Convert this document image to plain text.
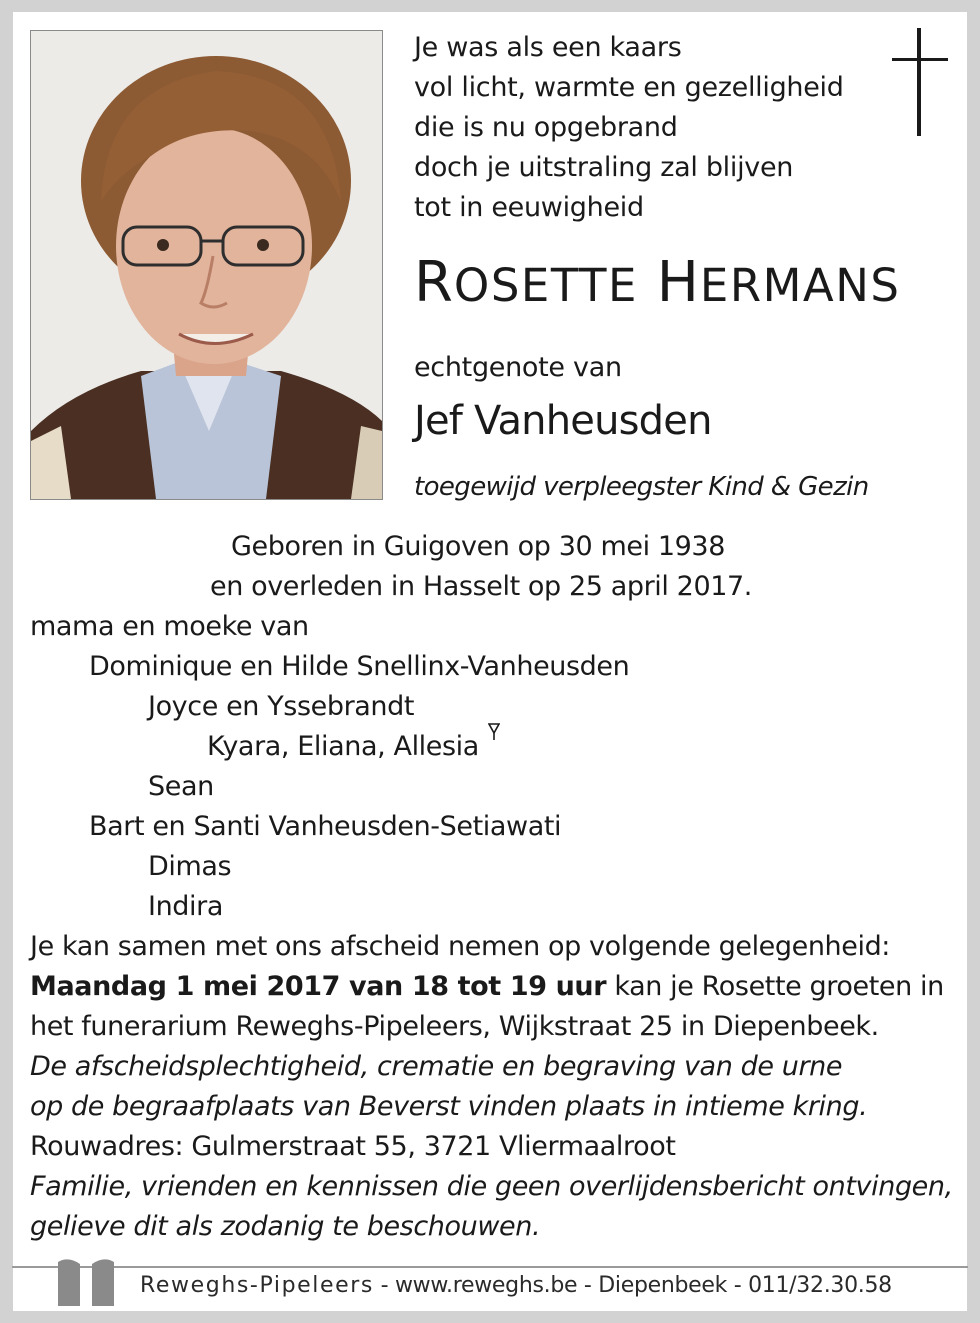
Je was als een kaars
vol licht, warmte en gezelligheid
die is nu opgebrand
doch je uitstraling zal blijven
tot in eeuwigheid
ROSETTE HERMANS
echtgenote van
Jef Vanheusden
toegewijd verpleegster Kind & Gezin
Geboren in Guigoven op 30 mei 1938
en overleden in Hasselt op 25 april 2017.
mama en moeke van
Dominique en Hilde Snellinx-Vanheusden
Joyce en Yssebrandt
Kyara, Eliana, Allesia
Sean
Bart en Santi Vanheusden-Setiawati
Dimas
Indira
Je kan samen met ons afscheid nemen op volgende gelegenheid:
Maandag 1 mei 2017 van 18 tot 19 uur kan je Rosette groeten in
het funerarium Reweghs-Pipeleers, Wijkstraat 25 in Diepenbeek.
De afscheidsplechtigheid, crematie en begraving van de urne
op de begraafplaats van Beverst vinden plaats in intieme kring.
Rouwadres: Gulmerstraat 55, 3721 Vliermaalroot
Familie, vrienden en kennissen die geen overlijdensbericht ontvingen,
gelieve dit als zodanig te beschouwen.
Reweghs-Pipeleers - www.reweghs.be - Diepenbeek - 011/32.30.58
